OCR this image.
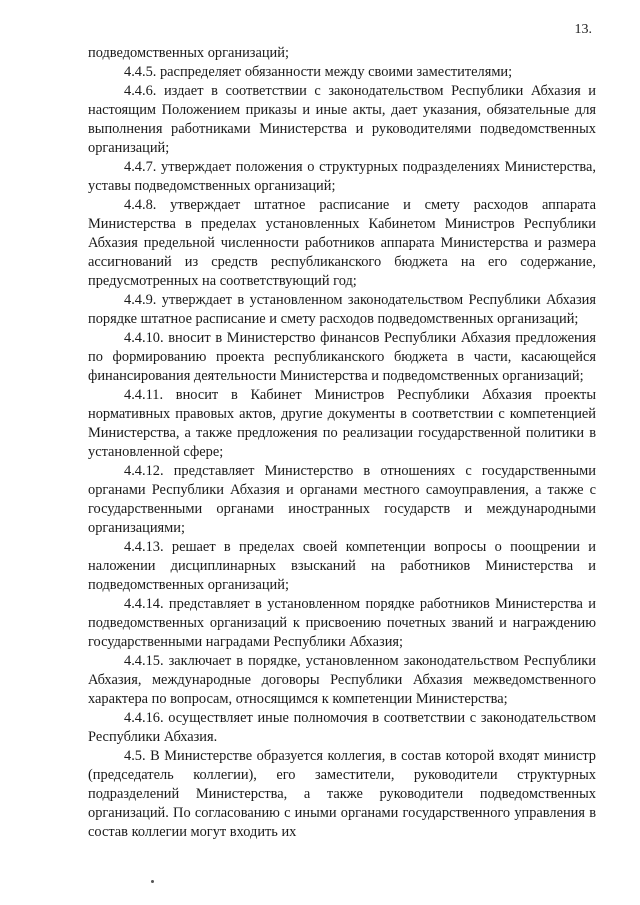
13.

подведомственных организаций;

4.4.5. распределяет обязанности между своими заместителями;

4.4.6. издает в соответствии с законодательством Республики Абхазия и настоящим Положением приказы и иные акты, дает указания, обязательные для выполнения работниками Министерства и руководителями подведомственных организаций;

4.4.7. утверждает положения о структурных подразделениях Министерства, уставы подведомственных организаций;

4.4.8. утверждает штатное расписание и смету расходов аппарата Министерства в пределах установленных Кабинетом Министров Республики Абхазия предельной численности работников аппарата Министерства и размера ассигнований из средств республиканского бюджета на его содержание, предусмотренных на соответствующий год;

4.4.9. утверждает в установленном законодательством Республики Абхазия порядке штатное расписание и смету расходов подведомственных организаций;

4.4.10. вносит в Министерство финансов Республики Абхазия предложения по формированию проекта республиканского бюджета в части, касающейся финансирования деятельности Министерства и подведомственных организаций;

4.4.11. вносит в Кабинет Министров Республики Абхазия проекты нормативных правовых актов, другие документы в соответствии с компетенцией Министерства, а также предложения по реализации государственной политики в установленной сфере;

4.4.12. представляет Министерство в отношениях с государственными органами Республики Абхазия и органами местного самоуправления, а также с государственными органами иностранных государств и международными организациями;

4.4.13. решает в пределах своей компетенции вопросы о поощрении и наложении дисциплинарных взысканий на работников Министерства и подведомственных организаций;

4.4.14. представляет в установленном порядке работников Министерства и подведомственных организаций к присвоению почетных званий и награждению государственными наградами Республики Абхазия;

4.4.15. заключает в порядке, установленном законодательством Республики Абхазия, международные договоры Республики Абхазия межведомственного характера по вопросам, относящимся к компетенции Министерства;

4.4.16. осуществляет иные полномочия в соответствии с законодательством Республики Абхазия.

4.5. В Министерстве образуется коллегия, в состав которой входят министр (председатель коллегии), его заместители, руководители структурных подразделений Министерства, а также руководители подведомственных организаций. По согласованию с иными органами государственного управления в состав коллегии могут входить их
